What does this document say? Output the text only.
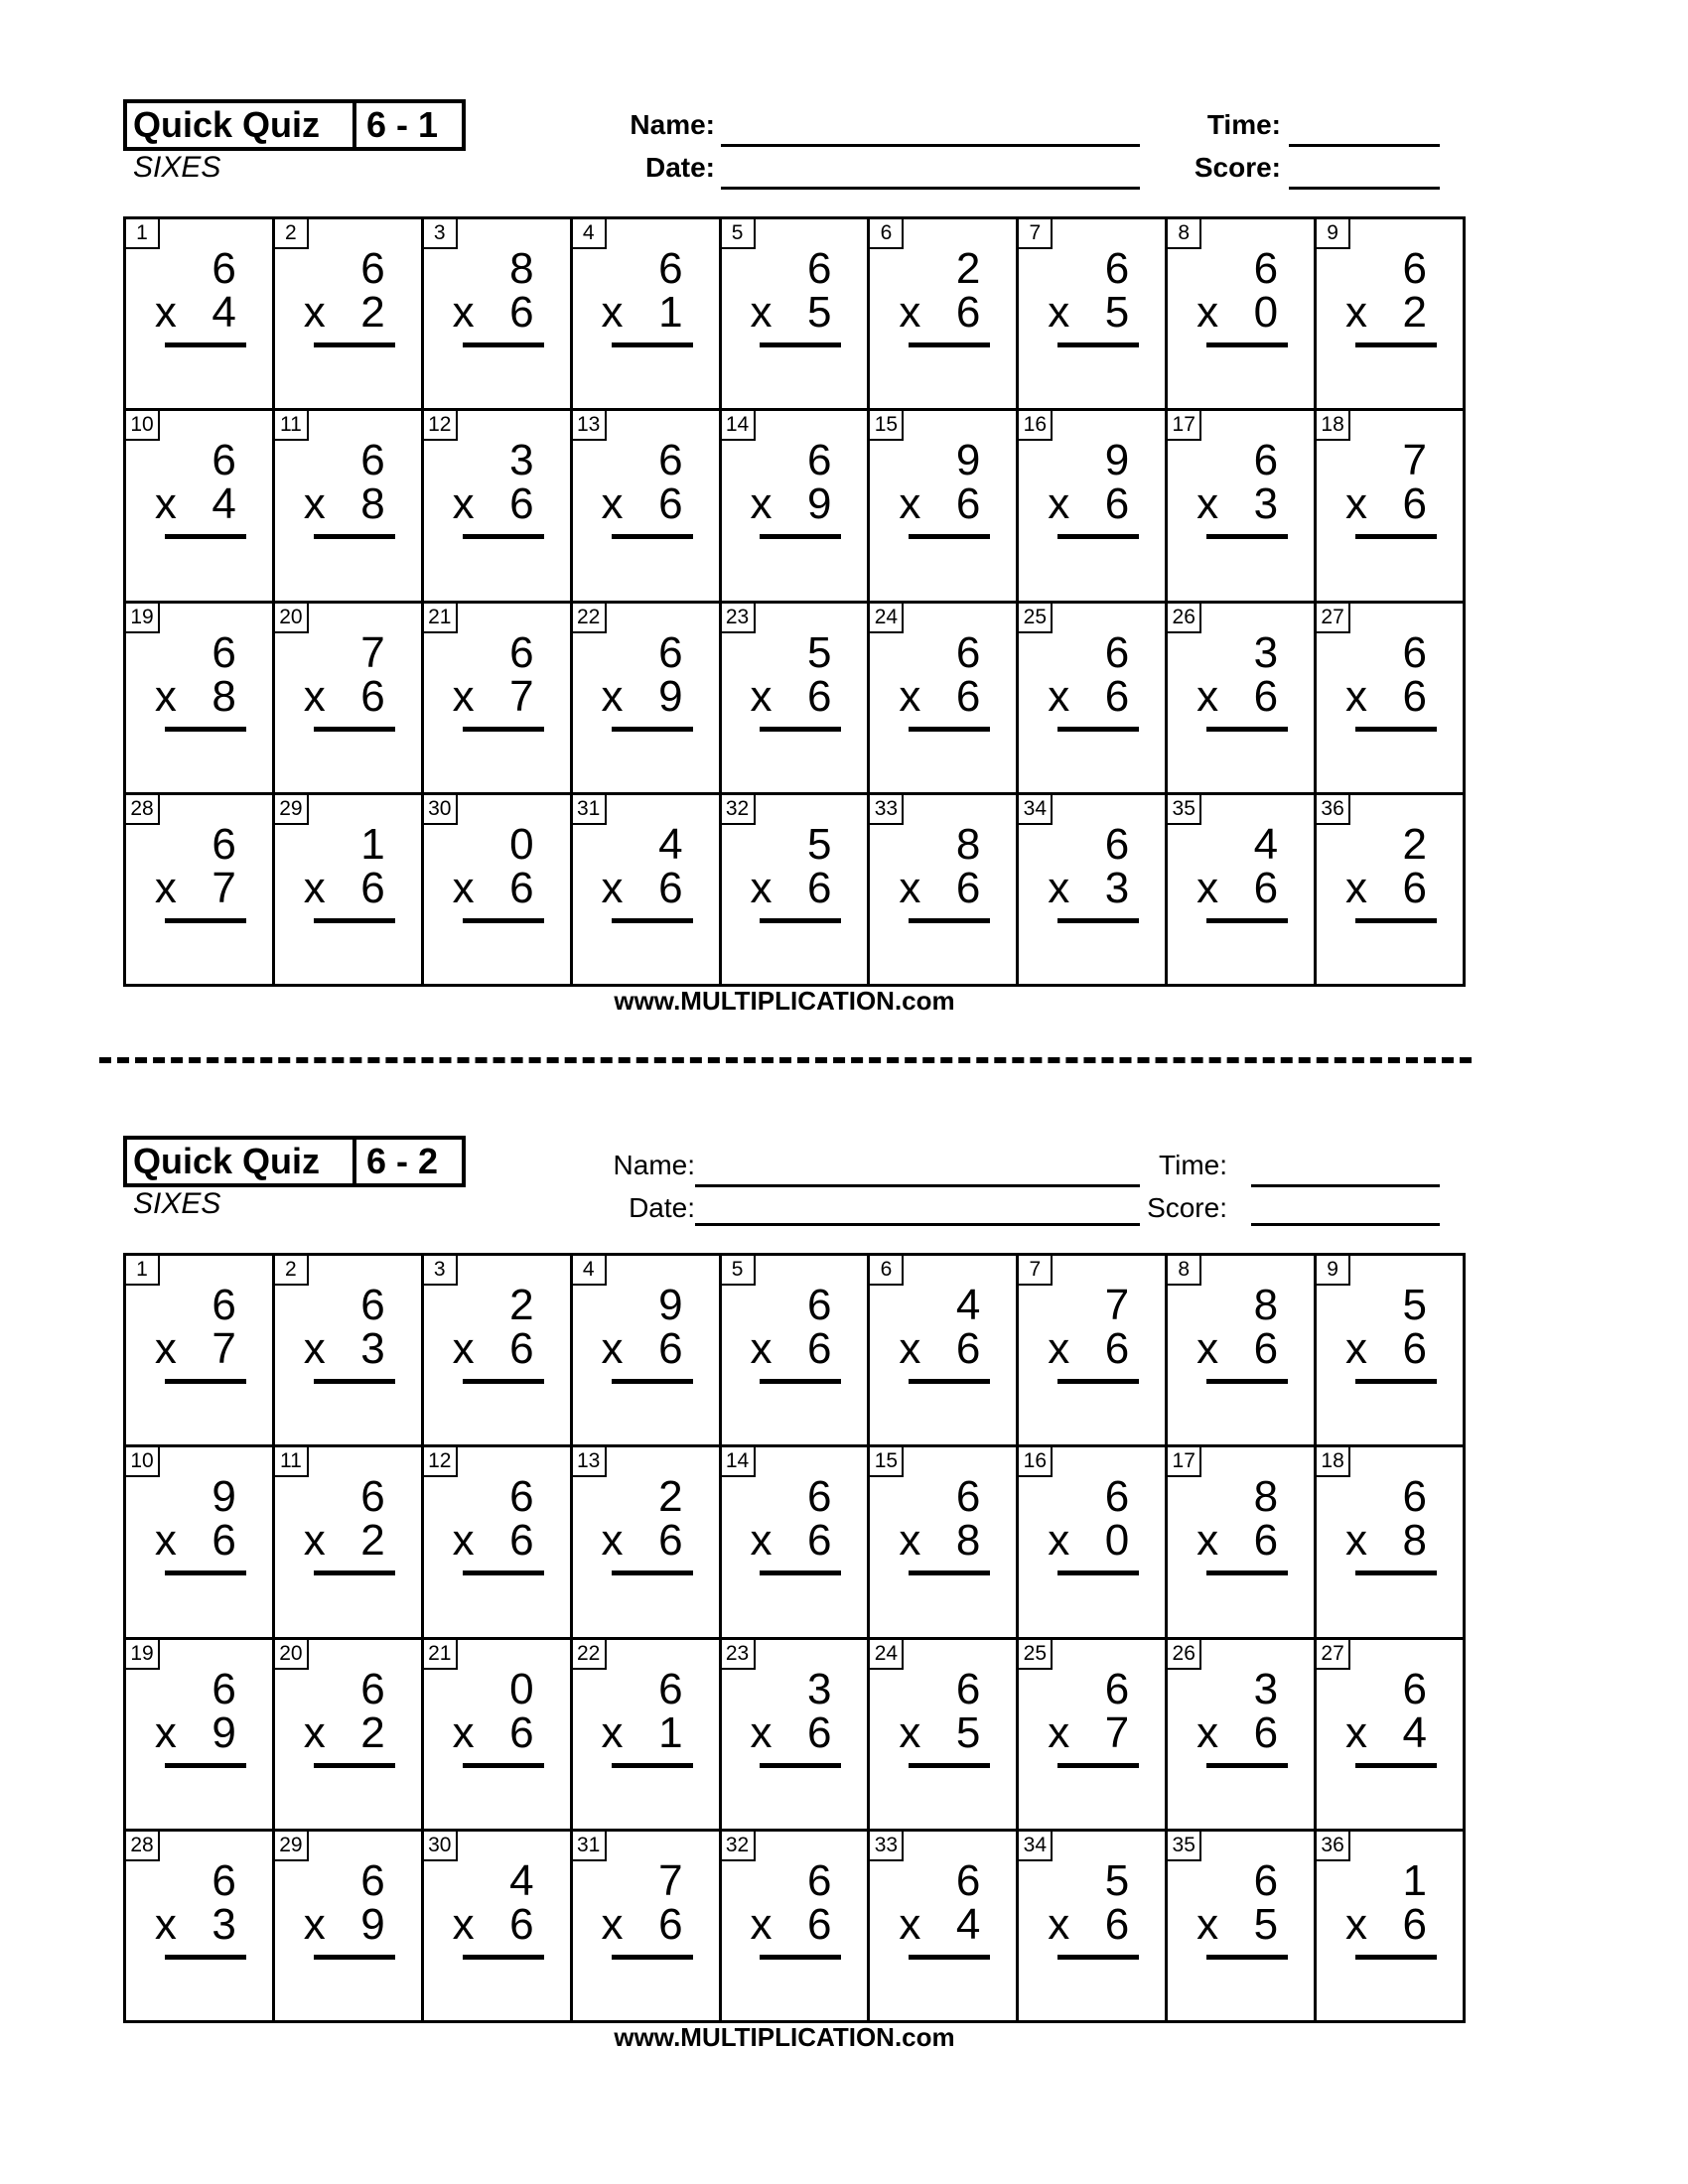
Quick Quiz	6 - 1
SIXES
Name:
Date:
Time:
Score:
1
6
x 4
2
6
x 2
3
8
x 6
4
6
x 1
5
6
x 5
6
2
x 6
7
6
x 5
8
6
x 0
9
6
x 2
10
6
x 4
11
6
x 8
12
3
x 6
13
6
x 6
14
6
x 9
15
9
x 6
16
9
x 6
17
6
x 3
18
7
x 6
19
6
x 8
20
7
x 6
21
6
x 7
22
6
x 9
23
5
x 6
24
6
x 6
25
6
x 6
26
3
x 6
27
6
x 6
28
6
x 7
29
1
x 6
30
0
x 6
31
4
x 6
32
5
x 6
33
8
x 6
34
6
x 3
35
4
x 6
36
2
x 6
www.MULTIPLICATION.com
Quick Quiz	6 - 2
SIXES
Name:
Date:
Time:
Score:
1
6
x 7
2
6
x 3
3
2
x 6
4
9
x 6
5
6
x 6
6
4
x 6
7
7
x 6
8
8
x 6
9
5
x 6
10
9
x 6
11
6
x 2
12
6
x 6
13
2
x 6
14
6
x 6
15
6
x 8
16
6
x 0
17
8
x 6
18
6
x 8
19
6
x 9
20
6
x 2
21
0
x 6
22
6
x 1
23
3
x 6
24
6
x 5
25
6
x 7
26
3
x 6
27
6
x 4
28
6
x 3
29
6
x 9
30
4
x 6
31
7
x 6
32
6
x 6
33
6
x 4
34
5
x 6
35
6
x 5
36
1
x 6
www.MULTIPLICATION.com
